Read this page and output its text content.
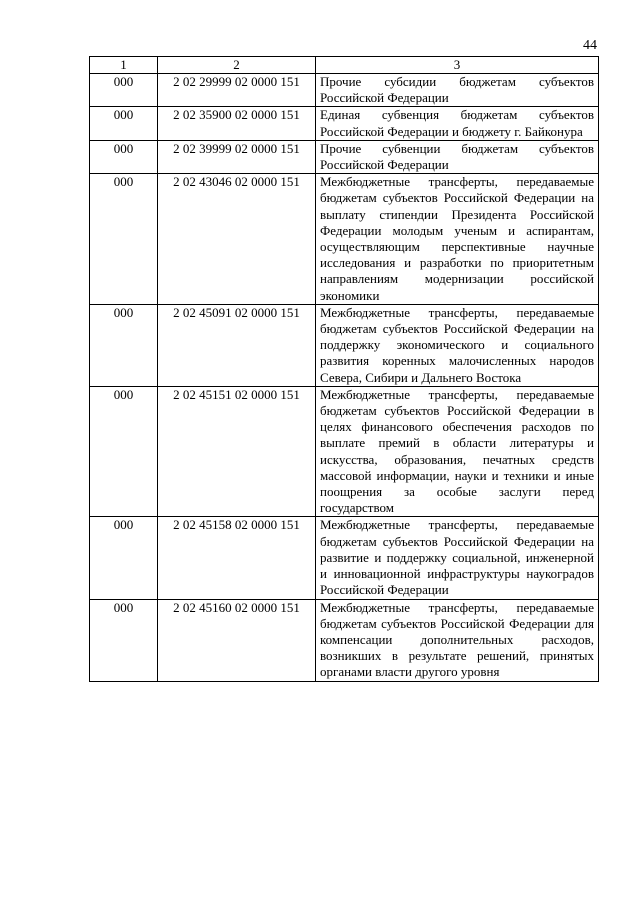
44
1	2	3
000	2 02 29999 02 0000 151	Прочие субсидии бюджетам субъектов Российской Федерации
000	2 02 35900 02 0000 151	Единая субвенция бюджетам субъектов Российской Федерации и бюджету г. Байконура
000	2 02 39999 02 0000 151	Прочие субвенции бюджетам субъектов Российской Федерации
000	2 02 43046 02 0000 151	Межбюджетные трансферты, передаваемые бюджетам субъектов Российской Федерации на выплату стипендии Президента Российской Федерации молодым ученым и аспирантам, осуществляющим перспективные научные исследования и разработки по приоритетным направлениям модернизации российской экономики
000	2 02 45091 02 0000 151	Межбюджетные трансферты, передаваемые бюджетам субъектов Российской Федерации на поддержку экономического и социального развития коренных малочисленных народов Севера, Сибири и Дальнего Востока
000	2 02 45151 02 0000 151	Межбюджетные трансферты, передаваемые бюджетам субъектов Российской Федерации в целях финансового обеспечения расходов по выплате премий в области литературы и искусства, образования, печатных средств массовой информации, науки и техники и иные поощрения за особые заслуги перед государством
000	2 02 45158 02 0000 151	Межбюджетные трансферты, передаваемые бюджетам субъектов Российской Федерации на развитие и поддержку социальной, инженерной и инновационной инфраструктуры наукоградов Российской Федерации
000	2 02 45160 02 0000 151	Межбюджетные трансферты, передаваемые бюджетам субъектов Российской Федерации для компенсации дополнительных расходов, возникших в результате решений, принятых органами власти другого уровня
